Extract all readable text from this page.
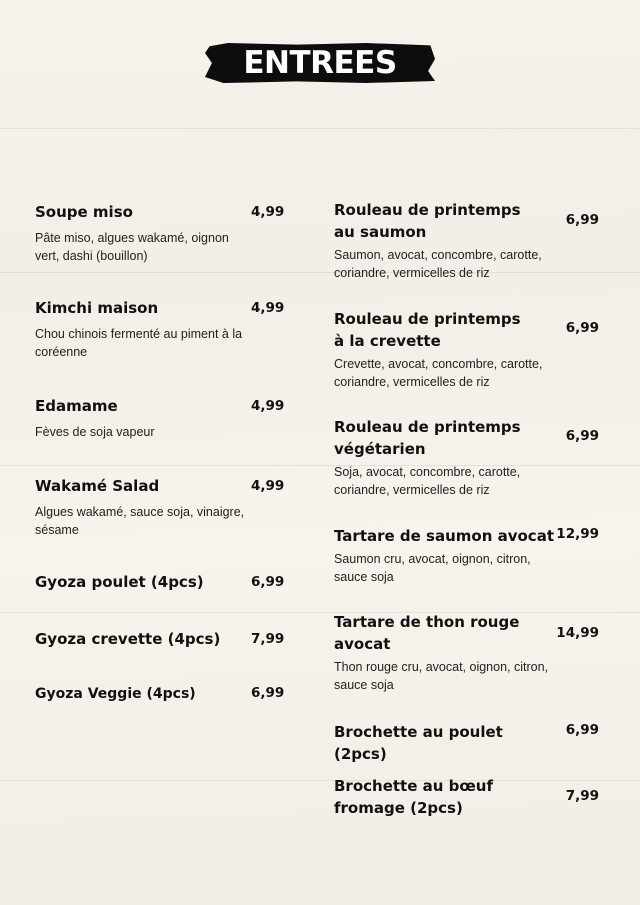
ENTREES
Soupe miso
Pâte miso, algues wakamé, oignon vert, dashi (bouillon)
4,99
Kimchi maison
Chou chinois fermenté au piment à la coréenne
4,99
Edamame
Fèves de soja vapeur
4,99
Wakamé Salad
Algues wakamé, sauce soja, vinaigre, sésame
4,99
Gyoza poulet (4pcs)	6,99
Gyoza crevette (4pcs)	7,99
Gyoza Veggie (4pcs)	6,99
Rouleau de printemps au saumon
Saumon, avocat, concombre, carotte, coriandre, vermicelles de riz
6,99
Rouleau de printemps à la crevette
Crevette, avocat, concombre, carotte, coriandre, vermicelles de riz
6,99
Rouleau de printemps végétarien
Soja, avocat, concombre, carotte, coriandre, vermicelles de riz
6,99
Tartare de saumon avocat
Saumon cru, avocat, oignon, citron, sauce soja
12,99
Tartare de thon rouge avocat
Thon rouge cru, avocat, oignon, citron, sauce soja
14,99
Brochette au poulet (2pcs)
6,99
Brochette au bœuf fromage (2pcs)
7,99
